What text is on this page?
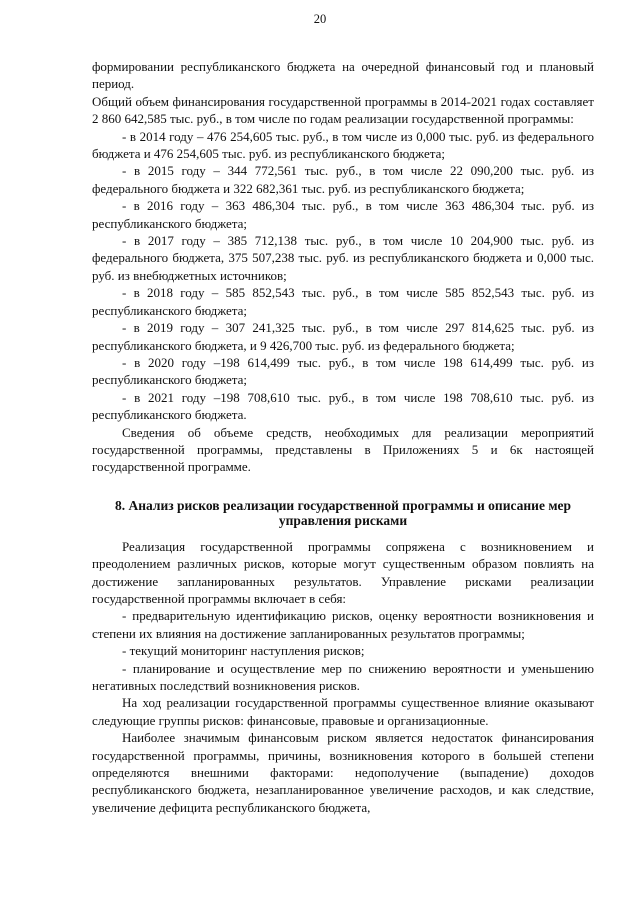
20

формировании республиканского бюджета на очередной финансовый год и плановый период.

Общий объем финансирования государственной программы в 2014-2021 годах составляет 2 860 642,585 тыс. руб., в том числе по годам реализации государственной программы:

- в 2014 году – 476 254,605 тыс. руб., в том числе из 0,000 тыс. руб. из федерального бюджета и 476 254,605 тыс. руб. из республиканского бюджета;

- в 2015 году – 344 772,561 тыс. руб., в том числе 22 090,200 тыс. руб. из федерального бюджета и 322 682,361 тыс. руб. из республиканского бюджета;

- в 2016 году – 363 486,304 тыс. руб., в том числе 363 486,304 тыс. руб. из республиканского бюджета;

- в 2017 году – 385 712,138 тыс. руб., в том числе 10 204,900 тыс. руб. из федерального бюджета, 375 507,238 тыс. руб. из республиканского бюджета и 0,000 тыс. руб. из внебюджетных источников;

- в 2018 году – 585 852,543 тыс. руб., в том числе 585 852,543 тыс. руб. из республиканского бюджета;

- в 2019 году – 307 241,325 тыс. руб., в том числе 297 814,625 тыс. руб. из республиканского бюджета, и 9 426,700 тыс. руб. из федерального бюджета;

- в 2020 году –198 614,499 тыс. руб., в том числе 198 614,499 тыс. руб. из республиканского бюджета;

- в 2021 году –198 708,610 тыс. руб., в том числе 198 708,610 тыс. руб. из республиканского бюджета.

Сведения об объеме средств, необходимых для реализации мероприятий государственной программы, представлены в Приложениях 5 и 6к настоящей государственной программе.

8. Анализ рисков реализации государственной программы и описание мер управления рисками

Реализация государственной программы сопряжена с возникновением и преодолением различных рисков, которые могут существенным образом повлиять на достижение запланированных результатов. Управление рисками реализации государственной программы включает в себя:

- предварительную идентификацию рисков, оценку вероятности возникновения и степени их влияния на достижение запланированных результатов программы;

- текущий мониторинг наступления рисков;

- планирование и осуществление мер по снижению вероятности и уменьшению негативных последствий возникновения рисков.

На ход реализации государственной программы существенное влияние оказывают следующие группы рисков: финансовые, правовые и организационные.

Наиболее значимым финансовым риском является недостаток финансирования государственной программы, причины, возникновения которого в большей степени определяются внешними факторами: недополучение (выпадение) доходов республиканского бюджета, незапланированное увеличение расходов, и как следствие, увеличение дефицита республиканского бюджета,
